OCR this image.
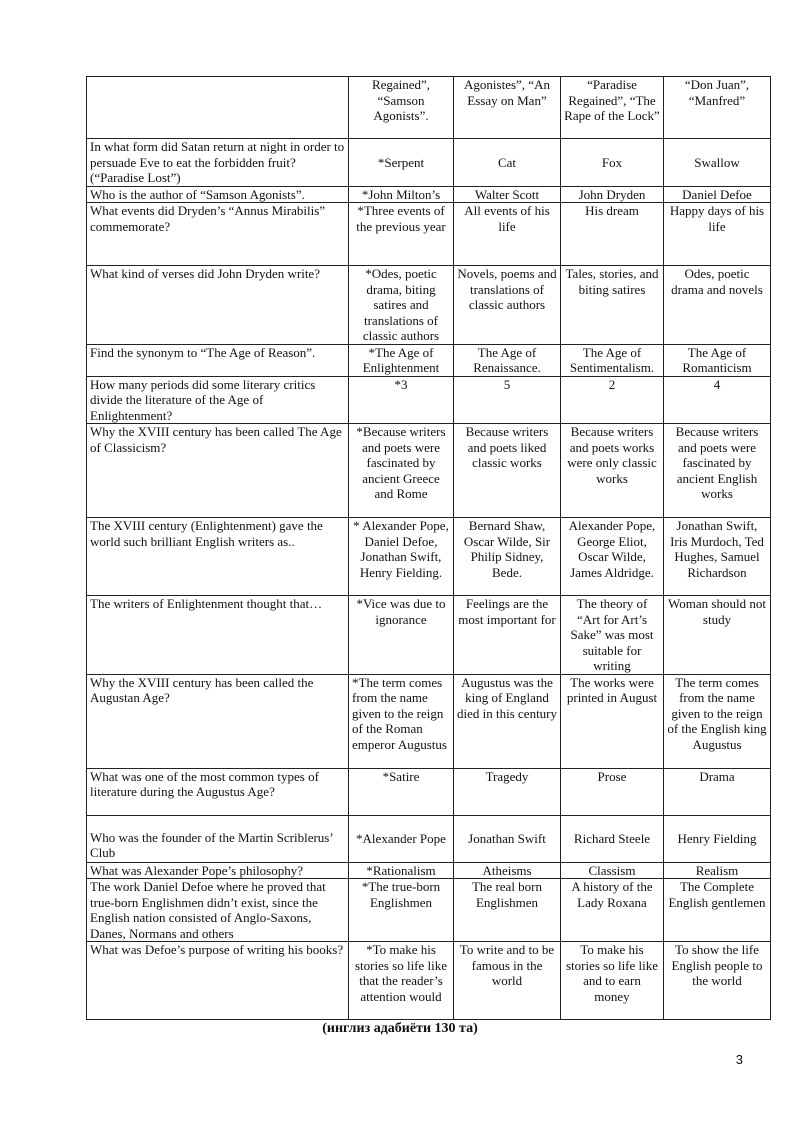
	Regained”, “Samson Agonists”.	Agonistes”, “An Essay on Man”	“Paradise Regained”, “The Rape of the Lock”	“Don Juan”, “Manfred”
In what form did Satan return at night in order to persuade Eve to eat the forbidden fruit? (“Paradise Lost”)	*Serpent	Cat	Fox	Swallow
Who is the author of “Samson Agonists”.	*John Milton’s	Walter Scott	John Dryden	Daniel Defoe
What events did Dryden’s “Annus Mirabilis” commemorate?	*Three events of the previous year	All events of his life	His dream	Happy days of his life
What kind of verses did John Dryden write?	*Odes, poetic drama, biting satires and translations of classic authors	Novels, poems and translations of classic authors	Tales, stories, and biting satires	Odes, poetic drama and novels
Find the synonym to “The Age of Reason”.	*The Age of Enlightenment	The Age of Renaissance.	The Age of Sentimentalism.	The Age of Romanticism
How many periods did some literary critics divide the literature of the Age of Enlightenment?	*3	5	2	4
Why the XVIII century has been called The Age of Classicism?	*Because writers and poets were fascinated by ancient Greece and Rome	Because writers and poets liked classic works	Because writers and poets works were only classic works	Because writers and poets were fascinated by ancient English works
The XVIII century (Enlightenment) gave the world such brilliant English writers as..	* Alexander Pope, Daniel Defoe, Jonathan Swift, Henry Fielding.	Bernard Shaw, Oscar Wilde, Sir Philip Sidney, Bede.	Alexander Pope, George Eliot, Oscar Wilde, James Aldridge.	Jonathan Swift, Iris Murdoch, Ted Hughes, Samuel Richardson
The writers of Enlightenment thought that…	*Vice was due to ignorance	Feelings are the most important for	The theory of “Art for Art’s Sake” was most suitable for writing	Woman should not study
Why the XVIII century has been called the Augustan Age?	*The term comes from the name given to the reign of the Roman emperor Augustus	Augustus was the king of England died in this century	The works were printed in August	The term comes from the name given to the reign of the English king Augustus
What was one of the most common types of literature during the Augustus Age?	*Satire	Tragedy	Prose	Drama
Who was the founder of the Martin Scriblerus’ Club	*Alexander Pope	Jonathan Swift	Richard Steele	Henry Fielding
What was Alexander Pope’s philosophy?	*Rationalism	Atheisms	Classism	Realism
The work Daniel Defoe where he proved that true-born Englishmen didn’t exist, since the English nation consisted of Anglo-Saxons, Danes, Normans and others	*The true-born Englishmen	The real born Englishmen	A history of the Lady Roxana	The Complete English gentlemen
What was Defoe’s purpose of writing his books?	*To make his stories so life like that the reader’s attention would	To write and to be famous in the world	To make his stories so life like and to earn money	To show the life English people to the world
(инглиз адабиёти 130 та)
3
